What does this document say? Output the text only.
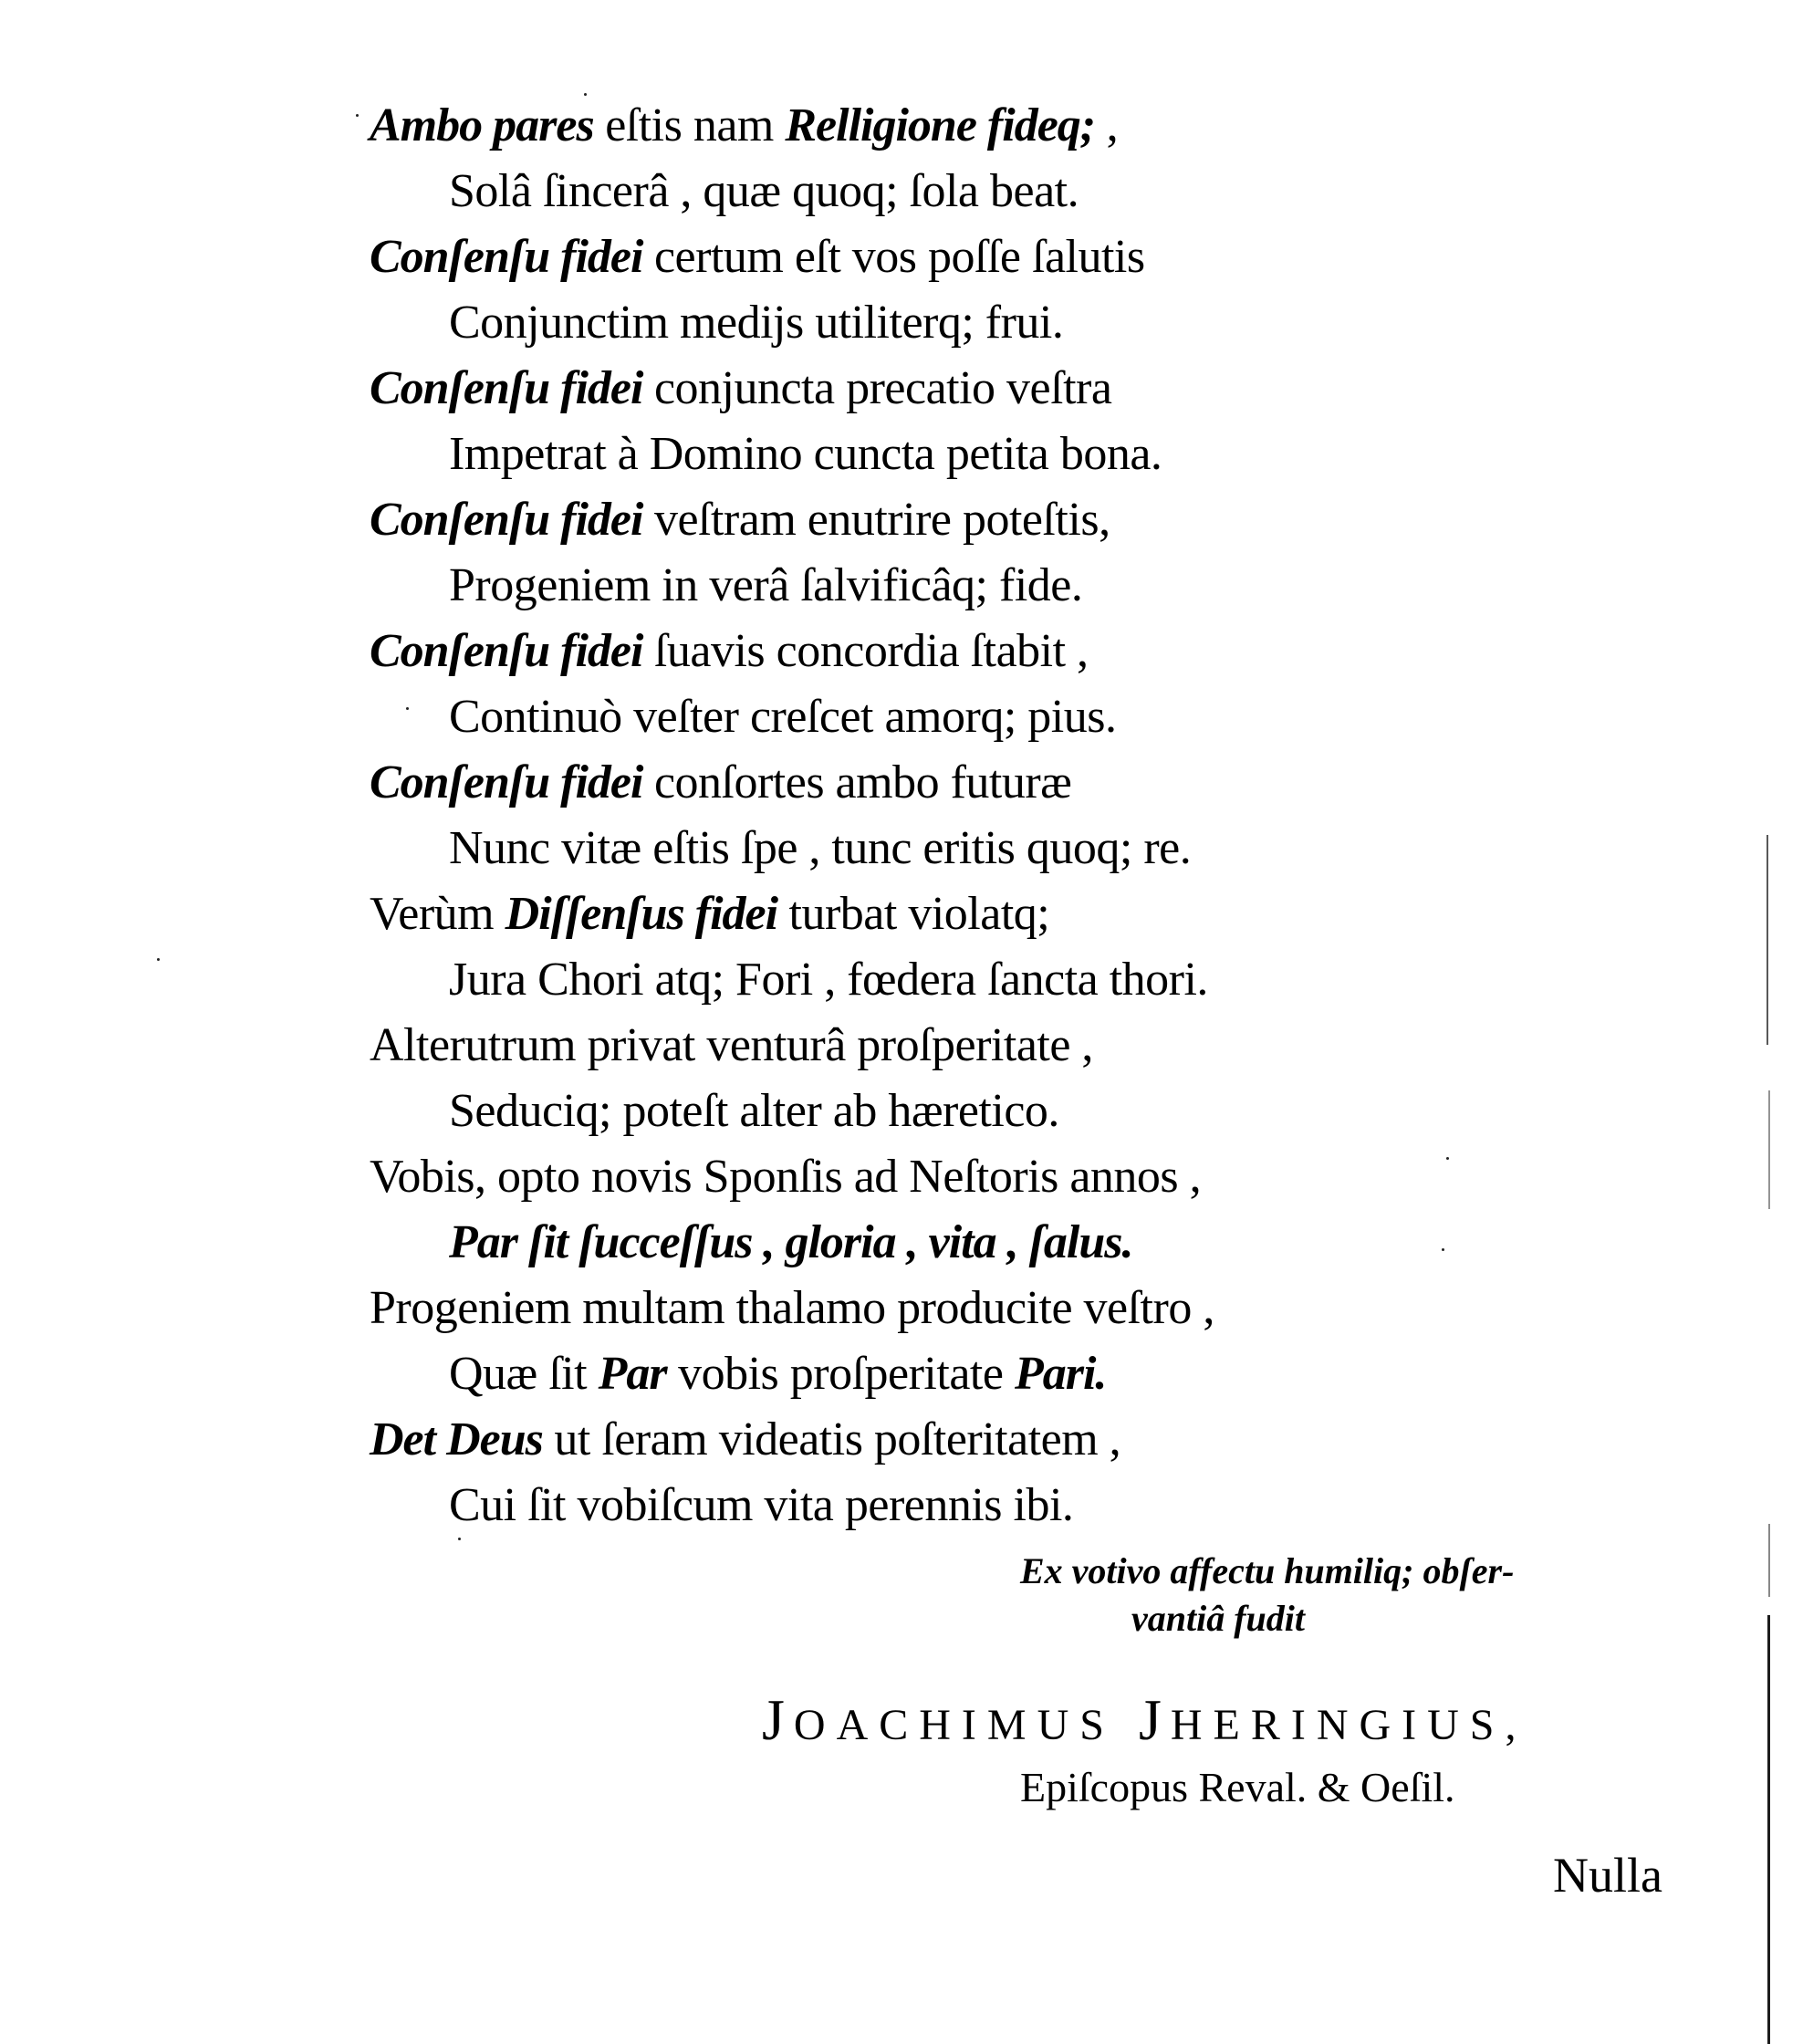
Ambo pares eſtis nam Relligione fideq; ,
Solâ ſincerâ , quæ quoq; ſola beat.
Conſenſu fidei certum eſt vos poſſe ſalutis
Conjunctim medijs utiliterq; frui.
Conſenſu fidei conjuncta precatio veſtra
Impetrat à Domino cuncta petita bona.
Conſenſu fidei veſtram enutrire poteſtis,
Progeniem in verâ ſalvificâq; fide.
Conſenſu fidei ſuavis concordia ſtabit ,
Continuò veſter creſcet amorq; pius.
Conſenſu fidei conſortes ambo futuræ
Nunc vitæ eſtis ſpe , tunc eritis quoq; re.
Verùm Diſſenſus fidei turbat violatq;
Jura Chori atq; Fori , fœdera ſancta thori.
Alterutrum privat venturâ proſperitate ,
Seduciq; poteſt alter ab hæretico.
Vobis, opto novis Sponſis ad Neſtoris annos ,
Par ſit ſucceſſus , gloria , vita , ſalus.
Progeniem multam thalamo producite veſtro ,
Quæ ſit Par vobis proſperitate Pari.
Det Deus ut ſeram videatis poſteritatem ,
Cui ſit vobiſcum vita perennis ibi.
Ex votivo affectu humiliq; obſer-
vantiâ fudit
JOACHIMUS JHERINGIUS,
Epiſcopus Reval. & Oeſil.
Nulla
